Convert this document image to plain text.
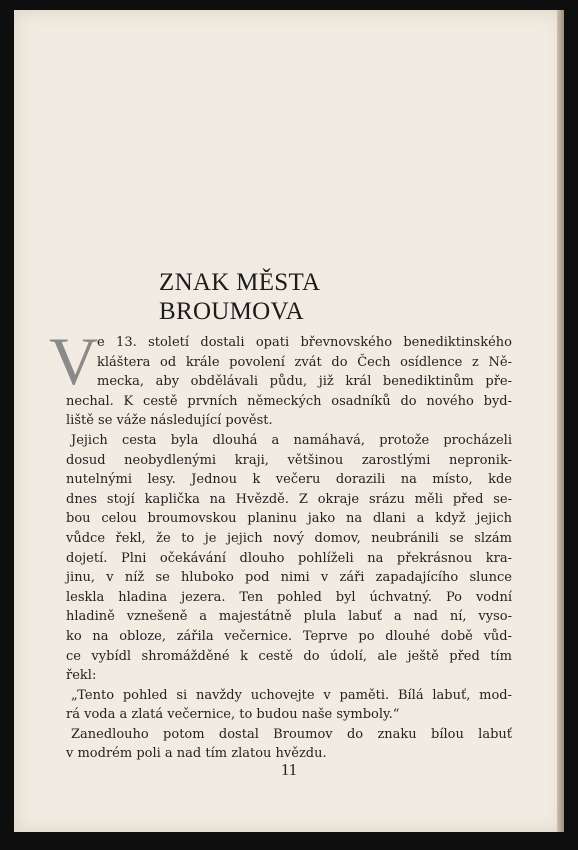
ZNAK MĚSTA
BROUMOVA
V
e 13. století dostali opati břevnovského benediktinského
kláštera od krále povolení zvát do Čech osídlence z Ně-
mecka, aby obdělávali půdu, již král benediktinům pře-
nechal. K cestě prvních německých osadníků do nového byd-
liště se váže následující pověst.
Jejich cesta byla dlouhá a namáhavá, protože procházeli
dosud neobydlenými kraji, většinou zarostlými nepronik-
nutelnými lesy. Jednou k večeru dorazili na místo, kde
dnes stojí kaplička na Hvězdě. Z okraje srázu měli před se-
bou celou broumovskou planinu jako na dlani a když jejich
vůdce řekl, že to je jejich nový domov, neubránili se slzám
dojetí. Plni očekávání dlouho pohlíželi na překrásnou kra-
jinu, v níž se hluboko pod nimi v záři zapadajícího slunce
leskla hladina jezera. Ten pohled byl úchvatný. Po vodní
hladině vznešeně a majestátně plula labuť a nad ní, vyso-
ko na obloze, zářila večernice. Teprve po dlouhé době vůd-
ce vybídl shromážděné k cestě do údolí, ale ještě před tím
řekl:
„Tento pohled si navždy uchovejte v paměti. Bílá labuť, mod-
rá voda a zlatá večernice, to budou naše symboly.“
Zanedlouho potom dostal Broumov do znaku bílou labuť
v modrém poli a nad tím zlatou hvězdu.
11
